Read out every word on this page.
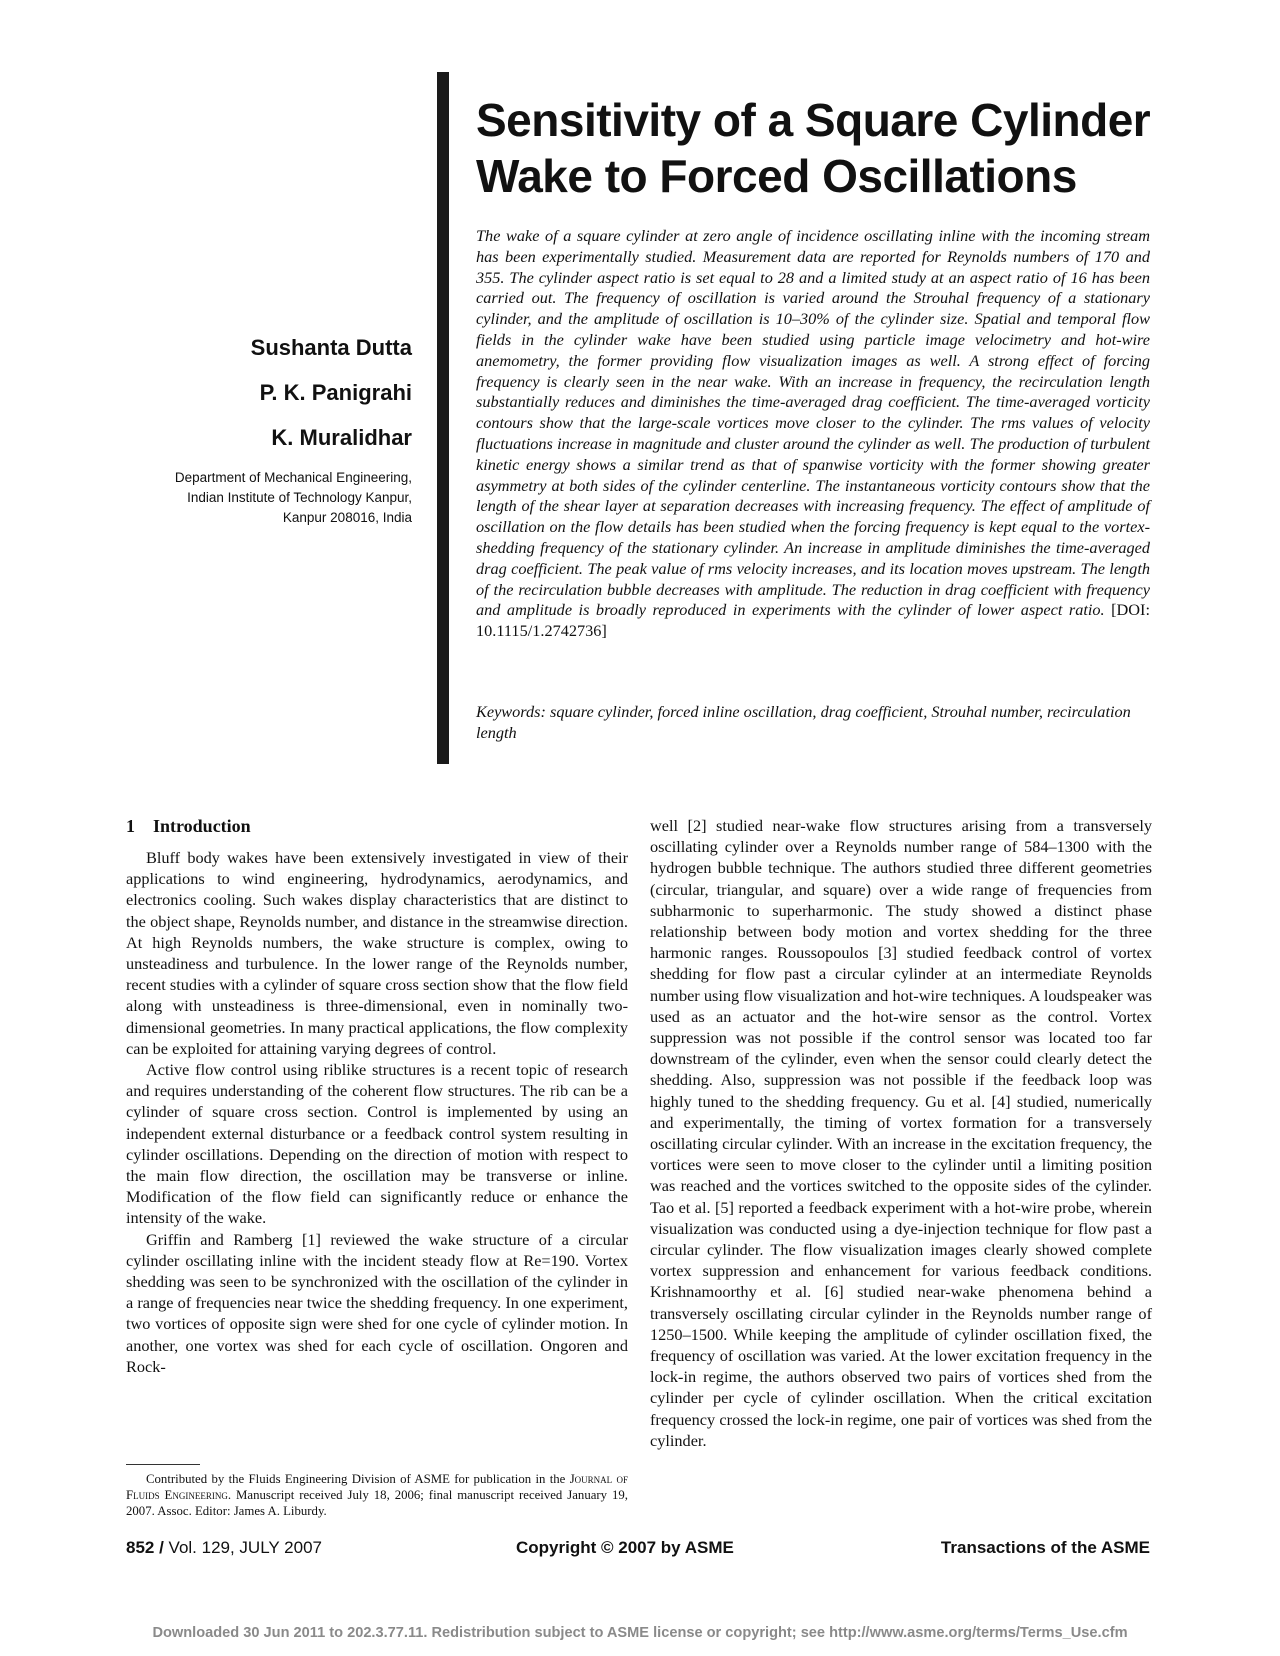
Sensitivity of a Square Cylinder
Wake to Forced Oscillations
Sushanta Dutta
P. K. Panigrahi
K. Muralidhar
Department of Mechanical Engineering,
Indian Institute of Technology Kanpur,
Kanpur 208016, India
The wake of a square cylinder at zero angle of incidence oscillating inline with the incoming stream has been experimentally studied. Measurement data are reported for Reynolds numbers of 170 and 355. The cylinder aspect ratio is set equal to 28 and a limited study at an aspect ratio of 16 has been carried out. The frequency of oscillation is varied around the Strouhal frequency of a stationary cylinder, and the amplitude of oscillation is 10–30% of the cylinder size. Spatial and temporal flow fields in the cylinder wake have been studied using particle image velocimetry and hot-wire anemometry, the former providing flow visualization images as well. A strong effect of forcing frequency is clearly seen in the near wake. With an increase in frequency, the recirculation length substantially reduces and diminishes the time-averaged drag coefficient. The time-averaged vorticity contours show that the large-scale vortices move closer to the cylinder. The rms values of velocity fluctuations increase in magnitude and cluster around the cylinder as well. The production of turbulent kinetic energy shows a similar trend as that of spanwise vorticity with the former showing greater asymmetry at both sides of the cylinder centerline. The instantaneous vorticity contours show that the length of the shear layer at separation decreases with increasing frequency. The effect of amplitude of oscillation on the flow details has been studied when the forcing frequency is kept equal to the vortex-shedding frequency of the stationary cylinder. An increase in amplitude diminishes the time-averaged drag coefficient. The peak value of rms velocity increases, and its location moves upstream. The length of the recirculation bubble decreases with amplitude. The reduction in drag coefficient with frequency and amplitude is broadly reproduced in experiments with the cylinder of lower aspect ratio. [DOI: 10.1115/1.2742736]
Keywords: square cylinder, forced inline oscillation, drag coefficient, Strouhal number, recirculation length
1 Introduction

Bluff body wakes have been extensively investigated in view of their applications to wind engineering, hydrodynamics, aerodynamics, and electronics cooling. Such wakes display characteristics that are distinct to the object shape, Reynolds number, and distance in the streamwise direction. At high Reynolds numbers, the wake structure is complex, owing to unsteadiness and turbulence. In the lower range of the Reynolds number, recent studies with a cylinder of square cross section show that the flow field along with unsteadiness is three-dimensional, even in nominally two-dimensional geometries. In many practical applications, the flow complexity can be exploited for attaining varying degrees of control.

Active flow control using riblike structures is a recent topic of research and requires understanding of the coherent flow structures. The rib can be a cylinder of square cross section. Control is implemented by using an independent external disturbance or a feedback control system resulting in cylinder oscillations. Depending on the direction of motion with respect to the main flow direction, the oscillation may be transverse or inline. Modification of the flow field can significantly reduce or enhance the intensity of the wake.

Griffin and Ramberg [1] reviewed the wake structure of a circular cylinder oscillating inline with the incident steady flow at Re=190. Vortex shedding was seen to be synchronized with the oscillation of the cylinder in a range of frequencies near twice the shedding frequency. In one experiment, two vortices of opposite sign were shed for one cycle of cylinder motion. In another, one vortex was shed for each cycle of oscillation. Ongoren and Rock-

well [2] studied near-wake flow structures arising from a transversely oscillating cylinder over a Reynolds number range of 584–1300 with the hydrogen bubble technique. The authors studied three different geometries (circular, triangular, and square) over a wide range of frequencies from subharmonic to superharmonic. The study showed a distinct phase relationship between body motion and vortex shedding for the three harmonic ranges. Roussopoulos [3] studied feedback control of vortex shedding for flow past a circular cylinder at an intermediate Reynolds number using flow visualization and hot-wire techniques. A loudspeaker was used as an actuator and the hot-wire sensor as the control. Vortex suppression was not possible if the control sensor was located too far downstream of the cylinder, even when the sensor could clearly detect the shedding. Also, suppression was not possible if the feedback loop was highly tuned to the shedding frequency. Gu et al. [4] studied, numerically and experimentally, the timing of vortex formation for a transversely oscillating circular cylinder. With an increase in the excitation frequency, the vortices were seen to move closer to the cylinder until a limiting position was reached and the vortices switched to the opposite sides of the cylinder. Tao et al. [5] reported a feedback experiment with a hot-wire probe, wherein visualization was conducted using a dye-injection technique for flow past a circular cylinder. The flow visualization images clearly showed complete vortex suppression and enhancement for various feedback conditions. Krishnamoorthy et al. [6] studied near-wake phenomena behind a transversely oscillating circular cylinder in the Reynolds number range of 1250–1500. While keeping the amplitude of cylinder oscillation fixed, the frequency of oscillation was varied. At the lower excitation frequency in the lock-in regime, the authors observed two pairs of vortices shed from the cylinder per cycle of cylinder oscillation. When the critical excitation frequency crossed the lock-in regime, one pair of vortices was shed from the cylinder.

Contributed by the Fluids Engineering Division of ASME for publication in the Journal of Fluids Engineering. Manuscript received July 18, 2006; final manuscript received January 19, 2007. Assoc. Editor: James A. Liburdy.
852 / Vol. 129, JULY 2007	Copyright © 2007 by ASME	Transactions of the ASME
Downloaded 30 Jun 2011 to 202.3.77.11. Redistribution subject to ASME license or copyright; see http://www.asme.org/terms/Terms_Use.cfm
